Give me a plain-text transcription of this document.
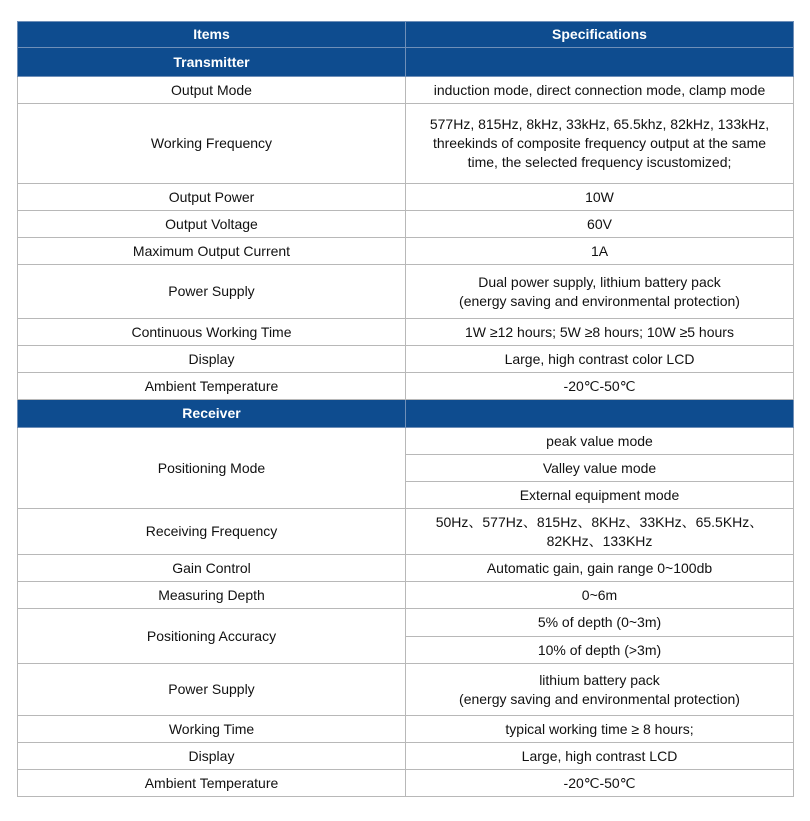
Items	Specifications
Transmitter	
Output Mode	induction mode, direct connection mode, clamp mode
Working Frequency	577Hz, 815Hz, 8kHz, 33kHz, 65.5khz, 82kHz, 133kHz,
threekinds of composite frequency output at the same
time, the selected frequency iscustomized;
Output Power	10W
Output Voltage	60V
Maximum Output Current	1A
Power Supply	Dual power supply, lithium battery pack
(energy saving and environmental protection)
Continuous Working Time	1W ≥12 hours; 5W ≥8 hours; 10W ≥5 hours
Display	Large, high contrast color LCD
Ambient Temperature	-20℃-50℃
Receiver	
Positioning Mode	peak value mode
	Valley value mode
	External equipment mode
Receiving Frequency	50Hz、577Hz、815Hz、8KHz、33KHz、65.5KHz、
82KHz、133KHz
Gain Control	Automatic gain, gain range 0~100db
Measuring Depth	0~6m
Positioning Accuracy	5% of depth (0~3m)
	10% of depth (>3m)
Power Supply	lithium battery pack
(energy saving and environmental protection)
Working Time	typical working time ≥ 8 hours;
Display	Large, high contrast LCD
Ambient Temperature	-20℃-50℃
